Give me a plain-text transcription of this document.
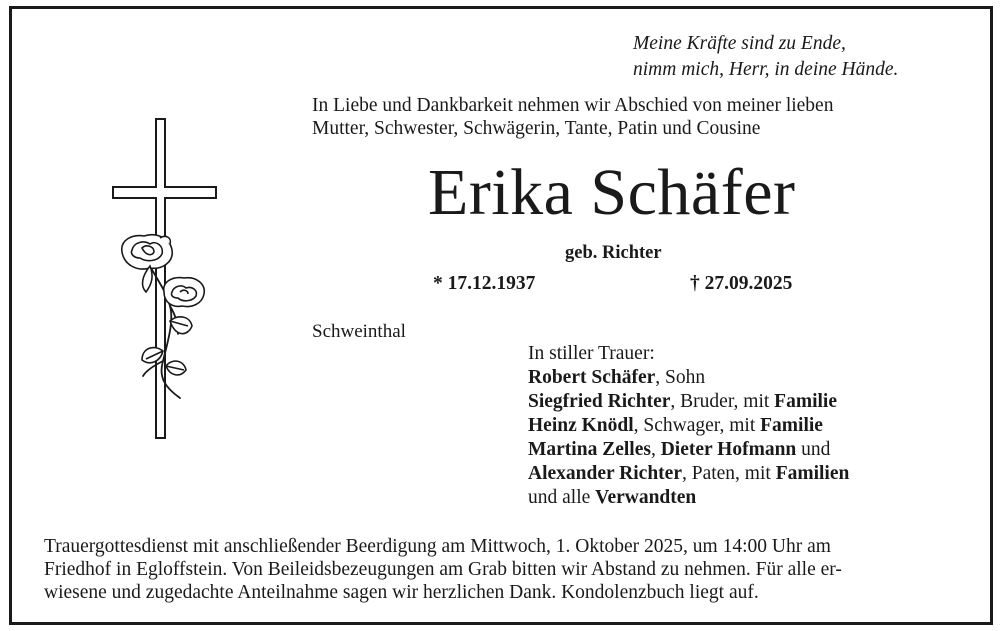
Meine Kräfte sind zu Ende,
nimm mich, Herr, in deine Hände.
In Liebe und Dankbarkeit nehmen wir Abschied von meiner lieben
Mutter, Schwester, Schwägerin, Tante, Patin und Cousine
Erika Schäfer
geb. Richter
* 17.12.1937	† 27.09.2025
Schweinthal
In stiller Trauer:
Robert Schäfer, Sohn
Siegfried Richter, Bruder, mit Familie
Heinz Knödl, Schwager, mit Familie
Martina Zelles, Dieter Hofmann und
Alexander Richter, Paten, mit Familien
und alle Verwandten
Trauergottesdienst mit anschließender Beerdigung am Mittwoch, 1. Oktober 2025, um 14:00 Uhr am
Friedhof in Egloffstein. Von Beileidsbezeugungen am Grab bitten wir Abstand zu nehmen. Für alle er-
wiesene und zugedachte Anteilnahme sagen wir herzlichen Dank. Kondolenzbuch liegt auf.
